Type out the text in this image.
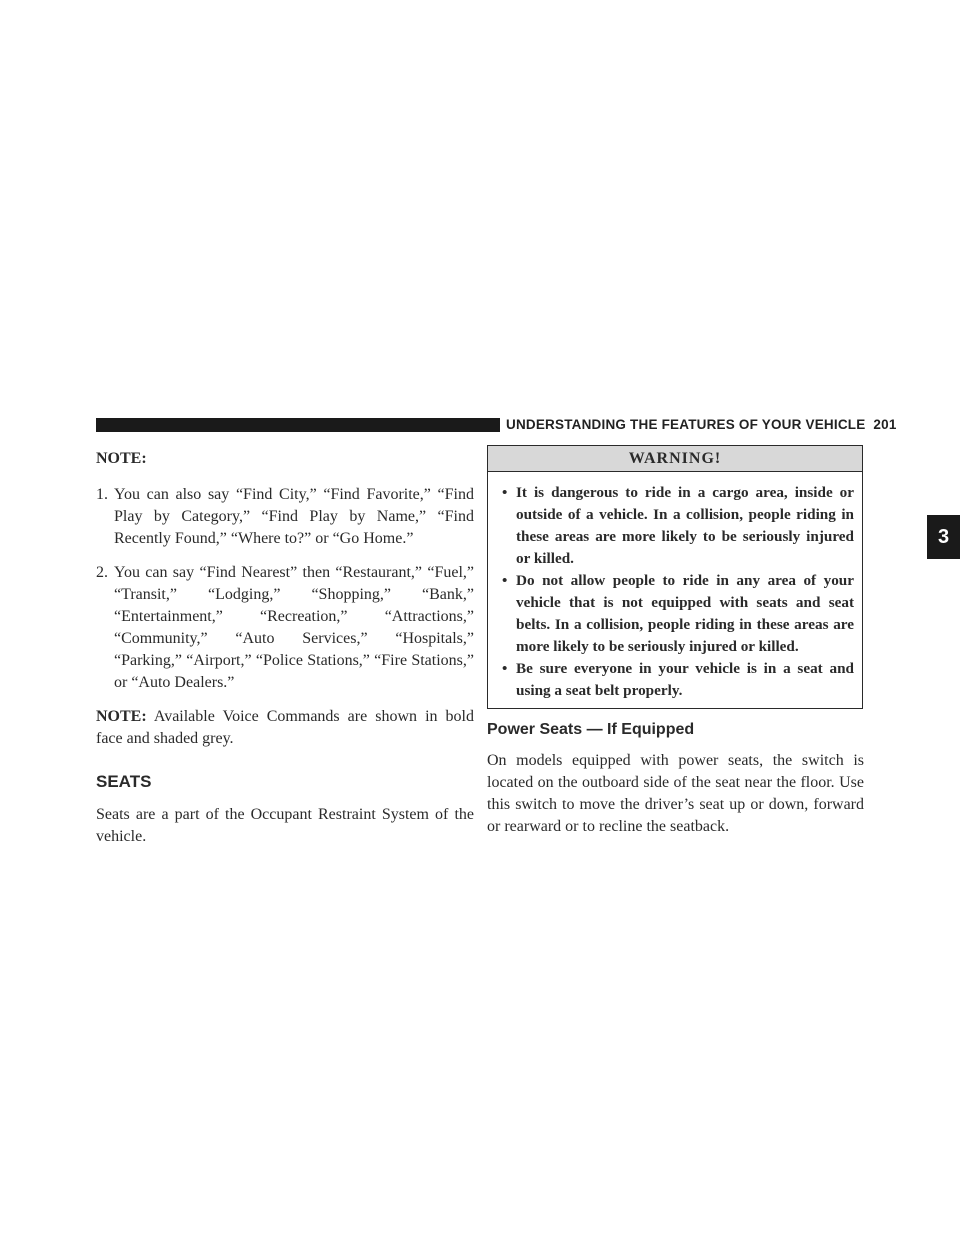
UNDERSTANDING THE FEATURES OF YOUR VEHICLE 201
3

NOTE:

1. You can also say “Find City,” “Find Favorite,” “Find Play by Category,” “Find Play by Name,” “Find Recently Found,” “Where to?” or “Go Home.”
2. You can say “Find Nearest” then “Restaurant,” “Fuel,” “Transit,” “Lodging,” “Shopping,” “Bank,” “Entertainment,” “Recreation,” “Attractions,” “Community,” “Auto Services,” “Hospitals,” “Parking,” “Airport,” “Police Stations,” “Fire Stations,” or “Auto Dealers.”

NOTE: Available Voice Commands are shown in bold face and shaded grey.

SEATS

Seats are a part of the Occupant Restraint System of the vehicle.

WARNING!
• It is dangerous to ride in a cargo area, inside or outside of a vehicle. In a collision, people riding in these areas are more likely to be seriously injured or killed.
• Do not allow people to ride in any area of your vehicle that is not equipped with seats and seat belts. In a collision, people riding in these areas are more likely to be seriously injured or killed.
• Be sure everyone in your vehicle is in a seat and using a seat belt properly.
Power Seats — If Equipped

On models equipped with power seats, the switch is located on the outboard side of the seat near the floor. Use this switch to move the driver’s seat up or down, forward or rearward or to recline the seatback.
